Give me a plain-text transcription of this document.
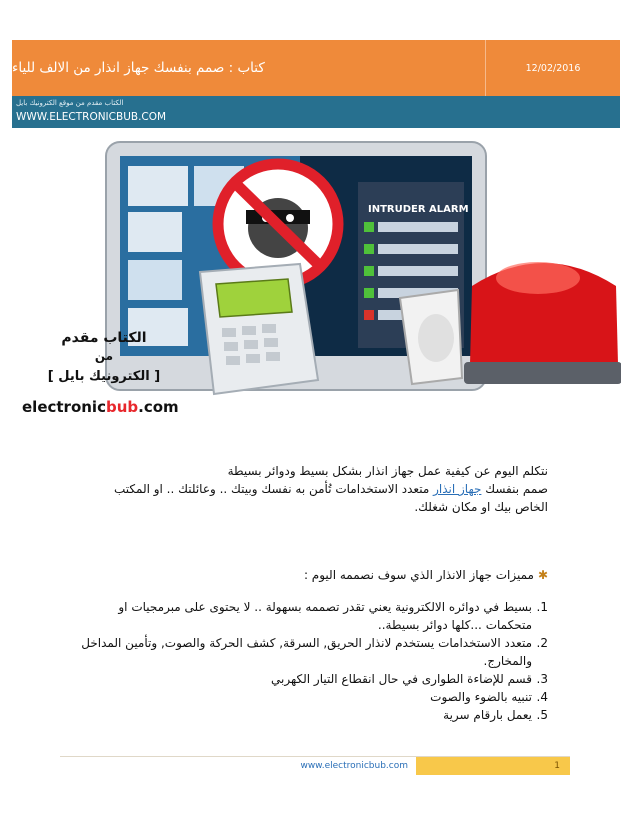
كتاب : صمم بنفسك جهاز انذار من الالف للياء	12/02/2016
الكتاب مقدم من موقع الكترونيك بايل
WWW.ELECTRONICBUB.COM
INTRUDER ALARM
الكتاب مقدم
من
[ الكترونيك بايل ]
electronicbub.com
نتكلم اليوم عن كيفية عمل جهاز انذار بشكل بسيط ودوائر بسيطة
صمم بنفسك جهاز انذار متعدد الاستخدامات تُأمن به نفسك وبيتك .. وعائلتك .. او المكتب
الخاص بيك او مكان شغلك.
✱مميزات جهاز الانذار الذي سوف نصممه اليوم :
1.
بسيط في دوائره الالكترونية يعني تقدر تصممه بسهولة .. لا يحتوى على مبرمجيات او متحكمات ...كلها دوائر بسيطة..
2.
متعدد الاستخدامات يستخدم لانذار الحريق, السرقة, كشف الحركة والصوت, وتأمين المداخل والمخارج.
3.
قسم للإضاءة الطوارى في حال انقطاع التيار الكهربي
4.
تنبيه بالضوء والصوت
5.
يعمل بارقام سرية
www.electronicbub.com	1
